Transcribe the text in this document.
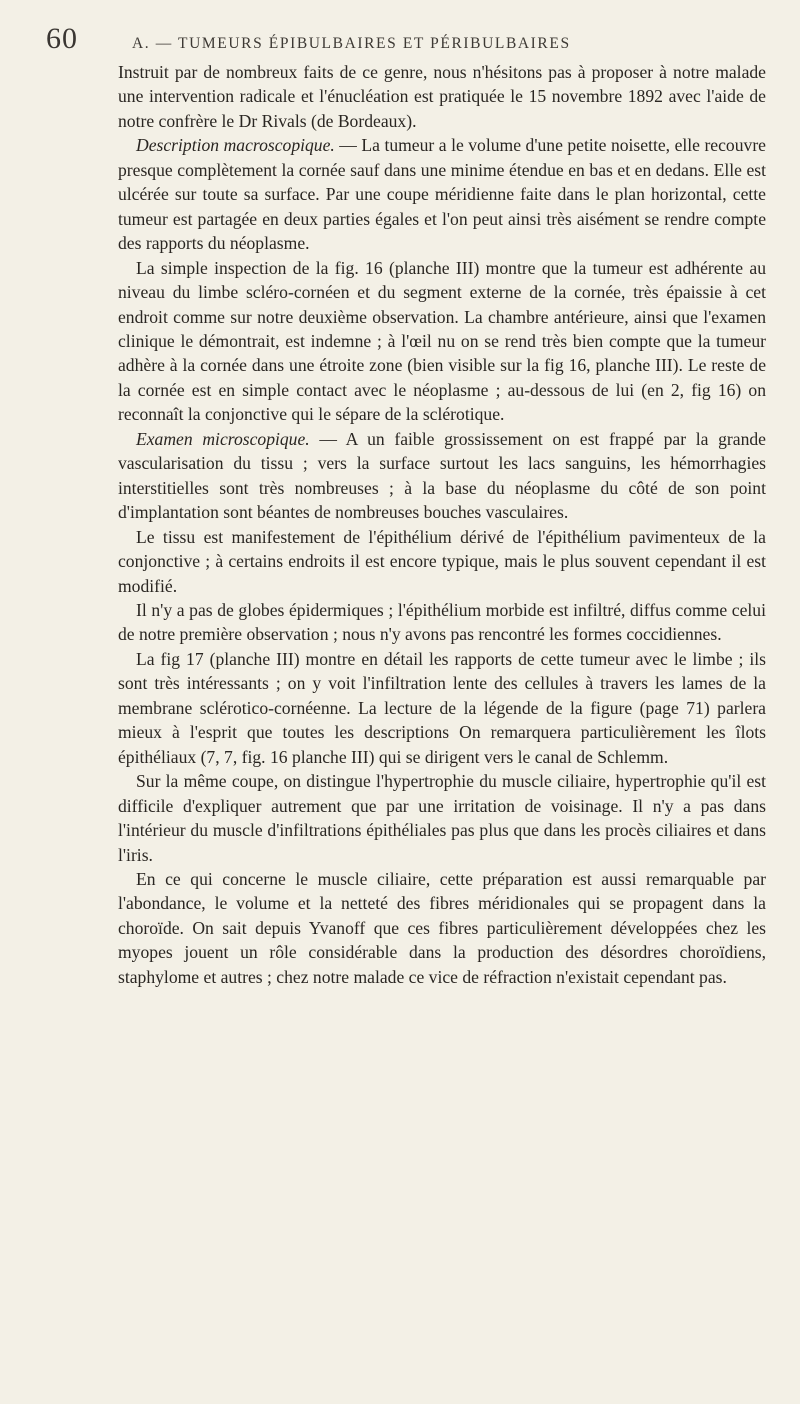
60	A. — TUMEURS ÉPIBULBAIRES ET PÉRIBULBAIRES

Instruit par de nombreux faits de ce genre, nous n'hésitons pas à proposer à notre malade une intervention radicale et l'énucléation est pratiquée le 15 novembre 1892 avec l'aide de notre confrère le Dr Rivals (de Bordeaux).

Description macroscopique. — La tumeur a le volume d'une petite noisette, elle recouvre presque complètement la cornée sauf dans une minime étendue en bas et en dedans. Elle est ulcérée sur toute sa surface. Par une coupe méridienne faite dans le plan horizontal, cette tumeur est partagée en deux parties égales et l'on peut ainsi très aisément se rendre compte des rapports du néoplasme.

La simple inspection de la fig. 16 (planche III) montre que la tumeur est adhérente au niveau du limbe scléro-cornéen et du segment externe de la cornée, très épaissie à cet endroit comme sur notre deuxième observation. La chambre antérieure, ainsi que l'examen clinique le démontrait, est indemne ; à l'œil nu on se rend très bien compte que la tumeur adhère à la cornée dans une étroite zone (bien visible sur la fig 16, planche III). Le reste de la cornée est en simple contact avec le néoplasme ; au-dessous de lui (en 2, fig 16) on reconnaît la conjonctive qui le sépare de la sclérotique.

Examen microscopique. — A un faible grossissement on est frappé par la grande vascularisation du tissu ; vers la surface surtout les lacs sanguins, les hémorrhagies interstitielles sont très nombreuses ; à la base du néoplasme du côté de son point d'implantation sont béantes de nombreuses bouches vasculaires.

Le tissu est manifestement de l'épithélium dérivé de l'épithélium pavimenteux de la conjonctive ; à certains endroits il est encore typique, mais le plus souvent cependant il est modifié.

Il n'y a pas de globes épidermiques ; l'épithélium morbide est infiltré, diffus comme celui de notre première observation ; nous n'y avons pas rencontré les formes coccidiennes.

La fig 17 (planche III) montre en détail les rapports de cette tumeur avec le limbe ; ils sont très intéressants ; on y voit l'infiltration lente des cellules à travers les lames de la membrane sclérotico-cornéenne. La lecture de la légende de la figure (page 71) parlera mieux à l'esprit que toutes les descriptions On remarquera particulièrement les îlots épithéliaux (7, 7, fig. 16 planche III) qui se dirigent vers le canal de Schlemm.

Sur la même coupe, on distingue l'hypertrophie du muscle ciliaire, hypertrophie qu'il est difficile d'expliquer autrement que par une irritation de voisinage. Il n'y a pas dans l'intérieur du muscle d'infiltrations épithéliales pas plus que dans les procès ciliaires et dans l'iris.

En ce qui concerne le muscle ciliaire, cette préparation est aussi remarquable par l'abondance, le volume et la netteté des fibres méridionales qui se propagent dans la choroïde. On sait depuis Yvanoff que ces fibres particulièrement développées chez les myopes jouent un rôle considérable dans la production des désordres choroïdiens, staphylome et autres ; chez notre malade ce vice de réfraction n'existait cependant pas.
